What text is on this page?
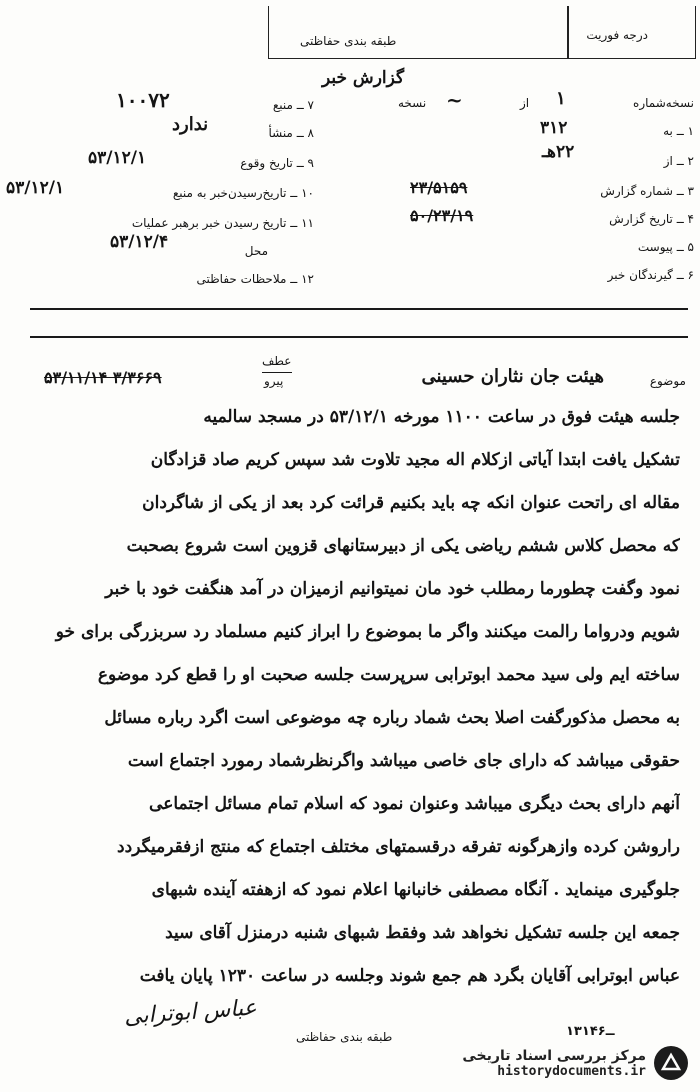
درجه فوریت
طبقه بندی حفاظتی
گزارش خبر
نسخه‌شماره
۱
از
~
نسخه
۱ ــ به
۳۱۲
۲ ــ از
۲۲هـ
۳ ــ شماره گزارش
۲۳/۵۱۵۹
۴ ــ تاریخ گزارش
۵۰/۲۳/۱۹
۵ ــ پیوست
۶ ــ گیرندگان خبر
۷ ــ منبع
۱۰۰۷۲
۸ ــ منشأ
ندارد
۹ ــ تاریخ وقوع
۵۳/۱۲/۱
۱۰ ــ تاریخ‌رسیدن‌خبر به منبع
۵۳/۱۲/۱
۱۱ ــ تاریخ رسیدن خبر برهبر عملیات
محل
۵۳/۱۲/۴
۱۲ ــ ملاحظات حفاظتی
موضوع
هیئت جان نثاران حسینی
عطف
پیرو
۵۳/۱۱/۱۴ ۳/۳۶۶۹
جلسه هیئت فوق در ساعت ۱۱۰۰ مورخه ۵۳/۱۲/۱ در مسجد سالمیه
تشکیل یافت ابتدا آیاتی ازکلام اله مجید تلاوت شد سپس کریم صاد قزادگان
مقاله ای راتحت عنوان انکه چه باید بکنیم قرائت کرد بعد از یکی از شاگردان
که محصل کلاس ششم ریاضی یکی از دبیرستانهای قزوین است شروع بصحبت
نمود وگفت چطورما رمطلب خود مان نمیتوانیم ازمیزان در آمد هنگفت خود با خبر
شویم ودرواما رالمت میکنند واگر ما بموضوع را ابراز کنیم مسلماد رد سربزرگی برای خو
ساخته ایم ولی سید محمد ابوترابی سرپرست جلسه صحبت او را قطع کرد موضوع
به محصل مذکورگفت اصلا بحث شماد رباره چه موضوعی است اگرد رباره مسائل
حقوقی میباشد که دارای جای خاصی میباشد واگرنظرشماد رمورد اجتماع است
آنهم دارای بحث دیگری میباشد وعنوان نمود که اسلام تمام مسائل اجتماعی
راروشن کرده وازهرگونه تفرقه درقسمتهای مختلف اجتماع که منتج ازفقرمیگردد
جلوگیری مینماید . آنگاه مصطفی خانبانها اعلام نمود که ازهفته آینده شبهای
جمعه این جلسه تشکیل نخواهد شد وفقط شبهای شنبه درمنزل آقای سید
عباس ابوترابی آقایان بگرد هم جمع شوند وجلسه در ساعت ۱۲۳۰ پایان یافت
عباس ابوترابی
طبقه بندی حفاظتی	۱۳۱ــ۴۶
مرکز بررسی اسناد تاریخی
historydocuments.ir
